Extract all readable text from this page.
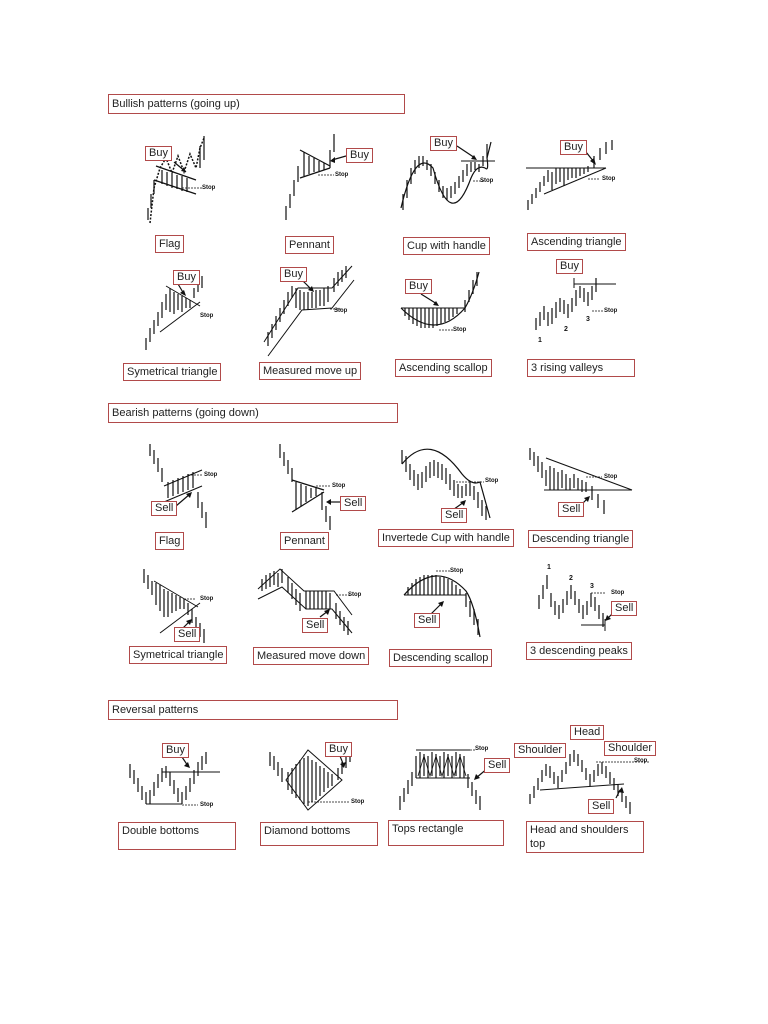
Bullish patterns (going up)
Bearish patterns (going down)
Reversal patterns
Buy
Stop
Flag
Buy
Stop
Pennant
Buy
Stop
Cup with handle
Buy
Stop
Ascending triangle
Buy
Stop
Symetrical triangle
Buy
Stop
Measured move up
Buy
Stop
Ascending scallop
Buy
1
2
3
Stop
3 rising valleys
Sell
Stop
Flag
Sell
Stop
Pennant
Sell
Stop
Invertede Cup with handle
Sell
Stop
Descending triangle
Sell
Stop
Symetrical triangle
Sell
Stop
Measured move down
Sell
Stop
Descending scallop
1
2
3
Stop
Sell
3 descending peaks
Buy
Stop
Double bottoms
Buy
Stop
Diamond bottoms
Stop
Sell
Tops rectangle
Head
Shoulder	Shoulder
Stop
Sell
Head and shoulders top
